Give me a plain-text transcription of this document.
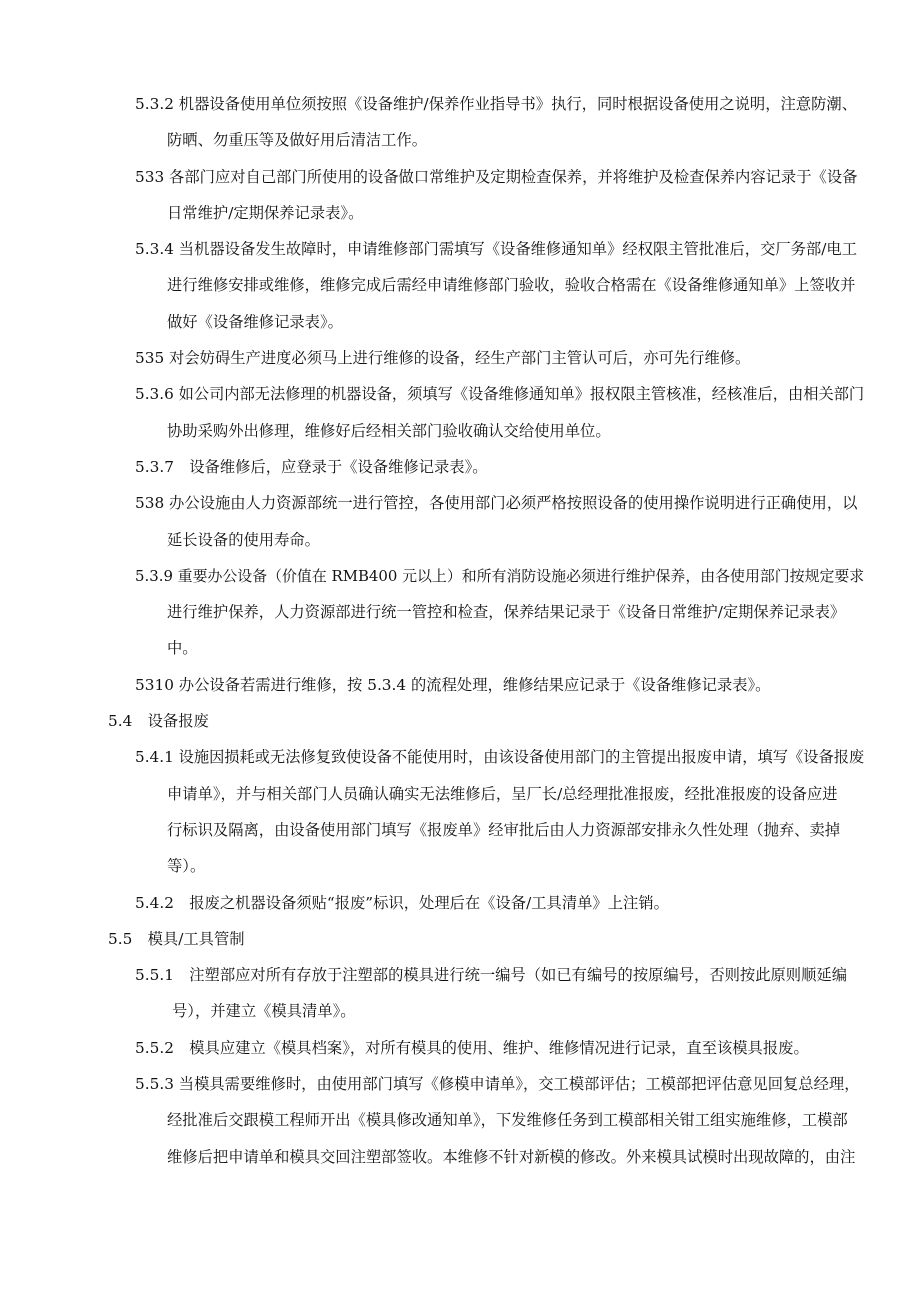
5.3.2 机器设备使用单位须按照《设备维护/保养作业指导书》执行，同时根据设备使用之说明，注意防潮、
防晒、勿重压等及做好用后清洁工作。
533 各部门应对自己部门所使用的设备做口常维护及定期检查保养，并将维护及检查保养内容记录于《设备
日常维护/定期保养记录表》。
5.3.4 当机器设备发生故障时，申请维修部门需填写《设备维修通知单》经权限主管批准后，交厂务部/电工
进行维修安排或维修，维修完成后需经申请维修部门验收，验收合格需在《设备维修通知单》上签收并
做好《设备维修记录表》。
535 对会妨碍生产进度必须马上进行维修的设备，经生产部门主管认可后，亦可先行维修。
5.3.6 如公司内部无法修理的机器设备，须填写《设备维修通知单》报权限主管核准，经核准后，由相关部门
协助采购外出修理，维修好后经相关部门验收确认交给使用单位。
5.3.7　设备维修后，应登录于《设备维修记录表》。
538 办公设施由人力资源部统一进行管控，各使用部门必须严格按照设备的使用操作说明进行正确使用，以
延长设备的使用寿命。
5.3.9 重要办公设备（价值在 RMB400 元以上）和所有消防设施必须进行维护保养，由各使用部门按规定要求
进行维护保养，人力资源部进行统一管控和检查，保养结果记录于《设备日常维护/定期保养记录表》
中。
5310 办公设备若需进行维修，按 5.3.4 的流程处理，维修结果应记录于《设备维修记录表》。
5.4　设备报废
5.4.1 设施因损耗或无法修复致使设备不能使用时，由该设备使用部门的主管提出报废申请，填写《设备报废
申请单》，并与相关部门人员确认确实无法维修后，呈厂长/总经理批准报废，经批准报废的设备应进
行标识及隔离，由设备使用部门填写《报废单》经审批后由人力资源部安排永久性处理（抛弃、卖掉
等）。
5.4.2　报废之机器设备须贴“报废”标识，处理后在《设备/工具清单》上注销。
5.5　模具/工具管制
5.5.1　注塑部应对所有存放于注塑部的模具进行统一编号（如已有编号的按原编号，否则按此原则顺延编
号），并建立《模具清单》。
5.5.2　模具应建立《模具档案》，对所有模具的使用、维护、维修情况进行记录，直至该模具报废。
5.5.3 当模具需要维修时，由使用部门填写《修模申请单》，交工模部评估；工模部把评估意见回复总经理，
经批准后交跟模工程师开出《模具修改通知单》，下发维修任务到工模部相关钳工组实施维修，工模部
维修后把申请单和模具交回注塑部签收。本维修不针对新模的修改。外来模具试模时出现故障的，由注
